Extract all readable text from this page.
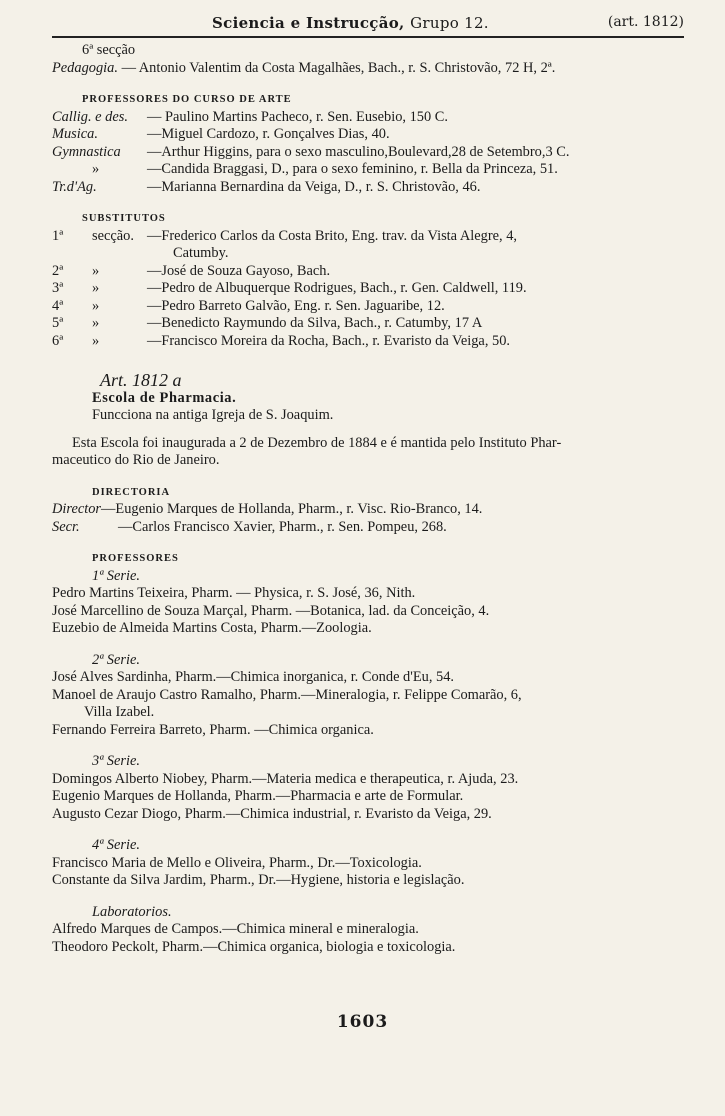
Sciencia e Instrucção, Grupo 12.	(art. 1812)
6ª secção
Pedagogia. — Antonio Valentim da Costa Magalhães, Bach., r. S. Christovão, 72 H, 2ª.
PROFESSORES DO CURSO DE ARTE
Callig. e des.	— Paulino Martins Pacheco, r. Sen. Eusebio, 150 C.
Musica.	—Miguel Cardozo, r. Gonçalves Dias, 40.
Gymnastica	—Arthur Higgins, para o sexo masculino,Boulevard,28 de Setembro,3 C.
»	—Candida Braggasi, D., para o sexo feminino, r. Bella da Princeza, 51.
Tr.d'Ag.	—Marianna Bernardina da Veiga, D., r. S. Christovão, 46.
SUBSTITUTOS
1ª	secção. —Frederico Carlos da Costa Brito, Eng. trav. da Vista Alegre, 4,
Catumby.
2ª	»	—José de Souza Gayoso, Bach.
3ª	»	—Pedro de Albuquerque Rodrigues, Bach., r. Gen. Caldwell, 119.
4ª	»	—Pedro Barreto Galvão, Eng. r. Sen. Jaguaribe, 12.
5ª	»	—Benedicto Raymundo da Silva, Bach., r. Catumby, 17 A
6ª	»	—Francisco Moreira da Rocha, Bach., r. Evaristo da Veiga, 50.
Art. 1812 a
Escola de Pharmacia.
Funcciona na antiga Igreja de S. Joaquim.
Esta Escola foi inaugurada a 2 de Dezembro de 1884 e é mantida pelo Instituto Phar-
maceutico do Rio de Janeiro.
DIRECTORIA
Director—Eugenio Marques de Hollanda, Pharm., r. Visc. Rio-Branco, 14.
Secr.	—Carlos Francisco Xavier, Pharm., r. Sen. Pompeu, 268.
PROFESSORES
1ª Serie.
Pedro Martins Teixeira, Pharm. — Physica, r. S. José, 36, Nith.
José Marcellino de Souza Marçal, Pharm. —Botanica, lad. da Conceição, 4.
Euzebio de Almeida Martins Costa, Pharm.—Zoologia.
2ª Serie.
José Alves Sardinha, Pharm.—Chimica inorganica, r. Conde d'Eu, 54.
Manoel de Araujo Castro Ramalho, Pharm.—Mineralogia, r. Felippe Comarão, 6,
Villa Izabel.
Fernando Ferreira Barreto, Pharm. —Chimica organica.
3ª Serie.
Domingos Alberto Niobey, Pharm.—Materia medica e therapeutica, r. Ajuda, 23.
Eugenio Marques de Hollanda, Pharm.—Pharmacia e arte de Formular.
Augusto Cezar Diogo, Pharm.—Chimica industrial, r. Evaristo da Veiga, 29.
4ª Serie.
Francisco Maria de Mello e Oliveira, Pharm., Dr.—Toxicologia.
Constante da Silva Jardim, Pharm., Dr.—Hygiene, historia e legislação.
Laboratorios.
Alfredo Marques de Campos.—Chimica mineral e mineralogia.
Theodoro Peckolt, Pharm.—Chimica organica, biologia e toxicologia.
1603
